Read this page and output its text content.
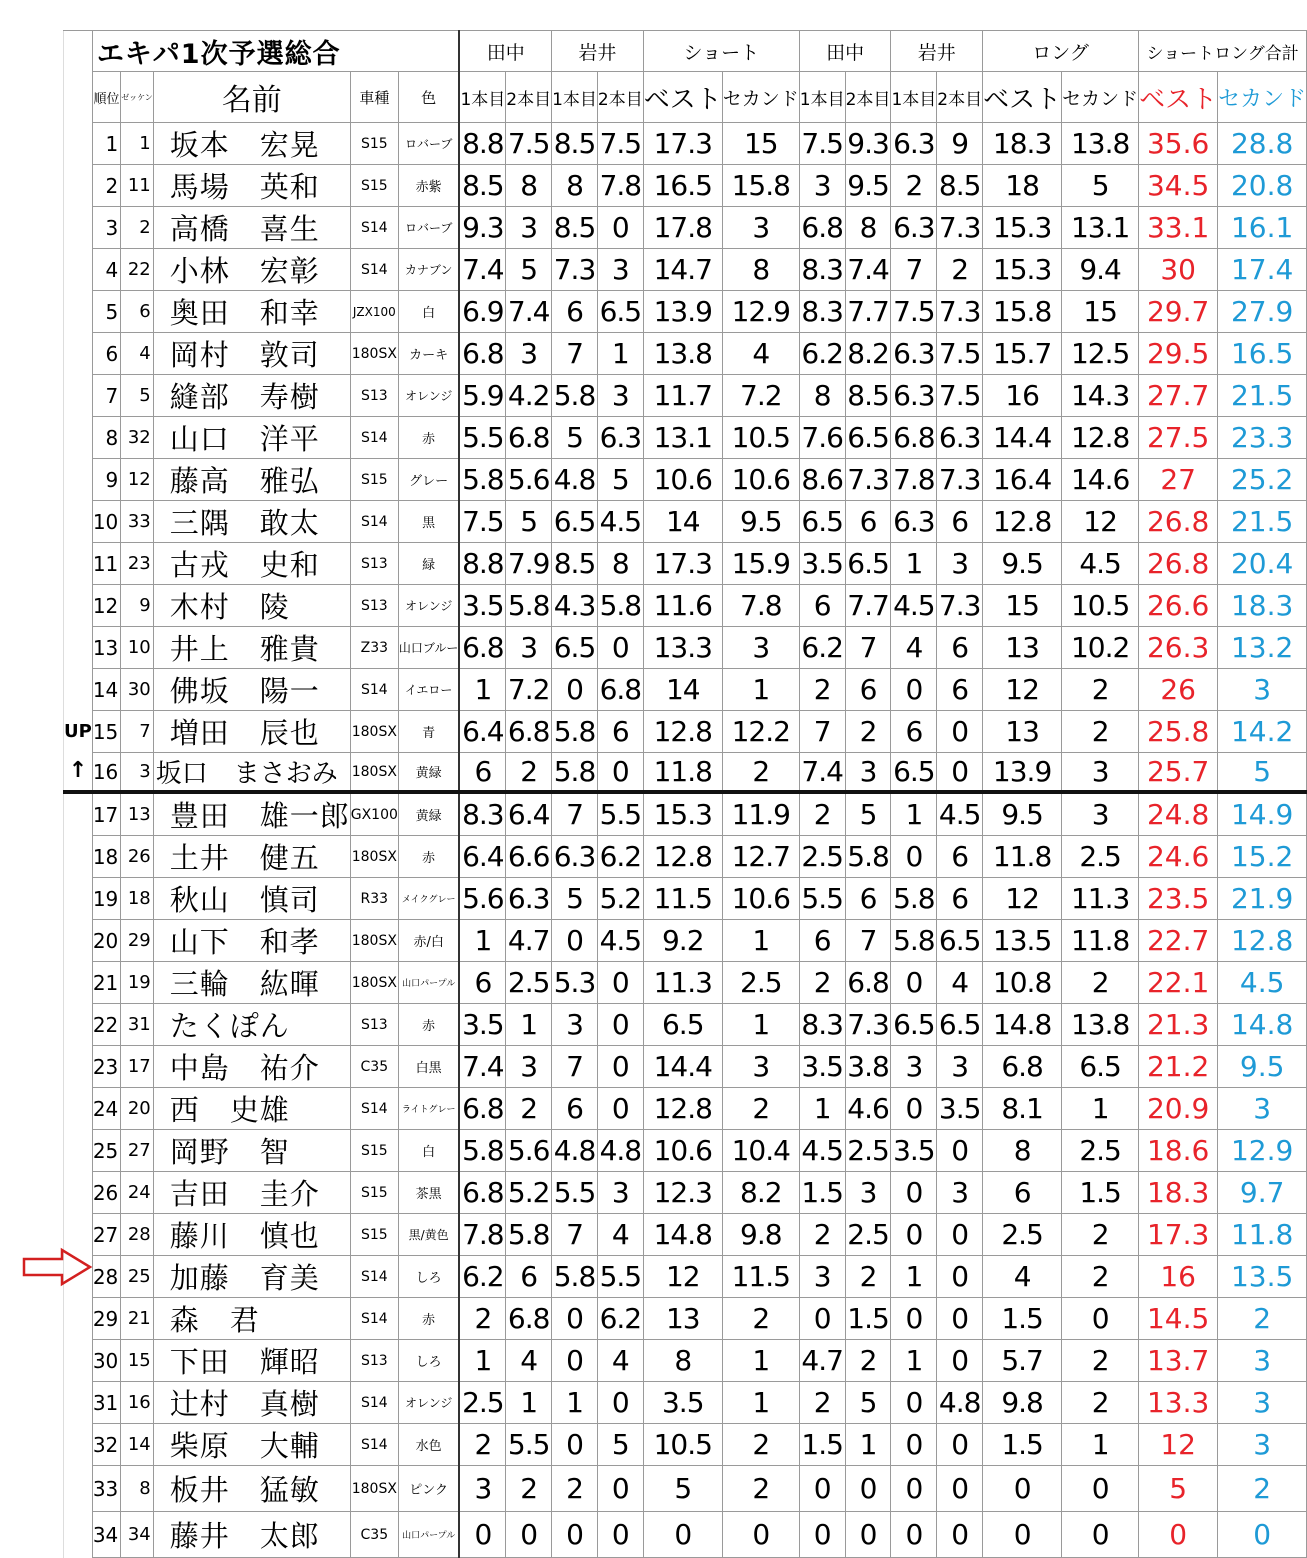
	エキパ1次予選総合					田中		岩井		ショート		田中		岩井		ロング		ショートロング合計	
	順位	ゼッケン	名前	車種	色	1本目	2本目	1本目	2本目	ベスト	セカンド	1本目	2本目	1本目	2本目	ベスト	セカンド	ベスト	セカンド
	1	1	坂本　宏晃	S15	ロバーブ	8.8	7.5	8.5	7.5	17.3	15	7.5	9.3	6.3	9	18.3	13.8	35.6	28.8
	2	11	馬場　英和	S15	赤紫	8.5	8	8	7.8	16.5	15.8	3	9.5	2	8.5	18	5	34.5	20.8
	3	2	高橋　喜生	S14	ロバーブ	9.3	3	8.5	0	17.8	3	6.8	8	6.3	7.3	15.3	13.1	33.1	16.1
	4	22	小林　宏彰	S14	カナブン	7.4	5	7.3	3	14.7	8	8.3	7.4	7	2	15.3	9.4	30	17.4
	5	6	奥田　和幸	JZX100	白	6.9	7.4	6	6.5	13.9	12.9	8.3	7.7	7.5	7.3	15.8	15	29.7	27.9
	6	4	岡村　敦司	180SX	カーキ	6.8	3	7	1	13.8	4	6.2	8.2	6.3	7.5	15.7	12.5	29.5	16.5
	7	5	縫部　寿樹	S13	オレンジ	5.9	4.2	5.8	3	11.7	7.2	8	8.5	6.3	7.5	16	14.3	27.7	21.5
	8	32	山口　洋平	S14	赤	5.5	6.8	5	6.3	13.1	10.5	7.6	6.5	6.8	6.3	14.4	12.8	27.5	23.3
	9	12	藤高　雅弘	S15	グレー	5.8	5.6	4.8	5	10.6	10.6	8.6	7.3	7.8	7.3	16.4	14.6	27	25.2
	10	33	三隅　敢太	S14	黒	7.5	5	6.5	4.5	14	9.5	6.5	6	6.3	6	12.8	12	26.8	21.5
	11	23	古戎　史和	S13	緑	8.8	7.9	8.5	8	17.3	15.9	3.5	6.5	1	3	9.5	4.5	26.8	20.4
	12	9	木村　陵	S13	オレンジ	3.5	5.8	4.3	5.8	11.6	7.8	6	7.7	4.5	7.3	15	10.5	26.6	18.3
	13	10	井上　雅貴	Z33	山口ブルー	6.8	3	6.5	0	13.3	3	6.2	7	4	6	13	10.2	26.3	13.2
	14	30	佛坂　陽一	S14	イエロー	1	7.2	0	6.8	14	1	2	6	0	6	12	2	26	3
UP	15	7	増田　辰也	180SX	青	6.4	6.8	5.8	6	12.8	12.2	7	2	6	0	13	2	25.8	14.2

↑	16	3	坂口　まさおみ	180SX	黄緑	6	2	5.8	0	11.8	2	7.4	3	6.5	0	13.9	3	25.7	5
	17	13	豊田　雄一郎	GX100	黄緑	8.3	6.4	7	5.5	15.3	11.9	2	5	1	4.5	9.5	3	24.8	14.9
	18	26	土井　健五	180SX	赤	6.4	6.6	6.3	6.2	12.8	12.7	2.5	5.8	0	6	11.8	2.5	24.6	15.2
	19	18	秋山　慎司	R33	メイクグレー	5.6	6.3	5	5.2	11.5	10.6	5.5	6	5.8	6	12	11.3	23.5	21.9
	20	29	山下　和孝	180SX	赤/白	1	4.7	0	4.5	9.2	1	6	7	5.8	6.5	13.5	11.8	22.7	12.8
	21	19	三輪　紘暉	180SX	山口パープル	6	2.5	5.3	0	11.3	2.5	2	6.8	0	4	10.8	2	22.1	4.5
	22	31	たくぽん	S13	赤	3.5	1	3	0	6.5	1	8.3	7.3	6.5	6.5	14.8	13.8	21.3	14.8
	23	17	中島　祐介	C35	白黒	7.4	3	7	0	14.4	3	3.5	3.8	3	3	6.8	6.5	21.2	9.5
	24	20	西　史雄	S14	ライトグレー	6.8	2	6	0	12.8	2	1	4.6	0	3.5	8.1	1	20.9	3
	25	27	岡野　智	S15	白	5.8	5.6	4.8	4.8	10.6	10.4	4.5	2.5	3.5	0	8	2.5	18.6	12.9
	26	24	吉田　圭介	S15	茶黒	6.8	5.2	5.5	3	12.3	8.2	1.5	3	0	3	6	1.5	18.3	9.7
	27	28	藤川　慎也	S15	黒/黄色	7.8	5.8	7	4	14.8	9.8	2	2.5	0	0	2.5	2	17.3	11.8
	28	25	加藤　育美	S14	しろ	6.2	6	5.8	5.5	12	11.5	3	2	1	0	4	2	16	13.5
	29	21	森　君	S14	赤	2	6.8	0	6.2	13	2	0	1.5	0	0	1.5	0	14.5	2
	30	15	下田　輝昭	S13	しろ	1	4	0	4	8	1	4.7	2	1	0	5.7	2	13.7	3
	31	16	辻村　真樹	S14	オレンジ	2.5	1	1	0	3.5	1	2	5	0	4.8	9.8	2	13.3	3
	32	14	柴原　大輔	S14	水色	2	5.5	0	5	10.5	2	1.5	1	0	0	1.5	1	12	3
	33	8	板井　猛敏	180SX	ピンク	3	2	2	0	5	2	0	0	0	0	0	0	5	2
	34	34	藤井　太郎	C35	山口パープル	0	0	0	0	0	0	0	0	0	0	0	0	0	0
